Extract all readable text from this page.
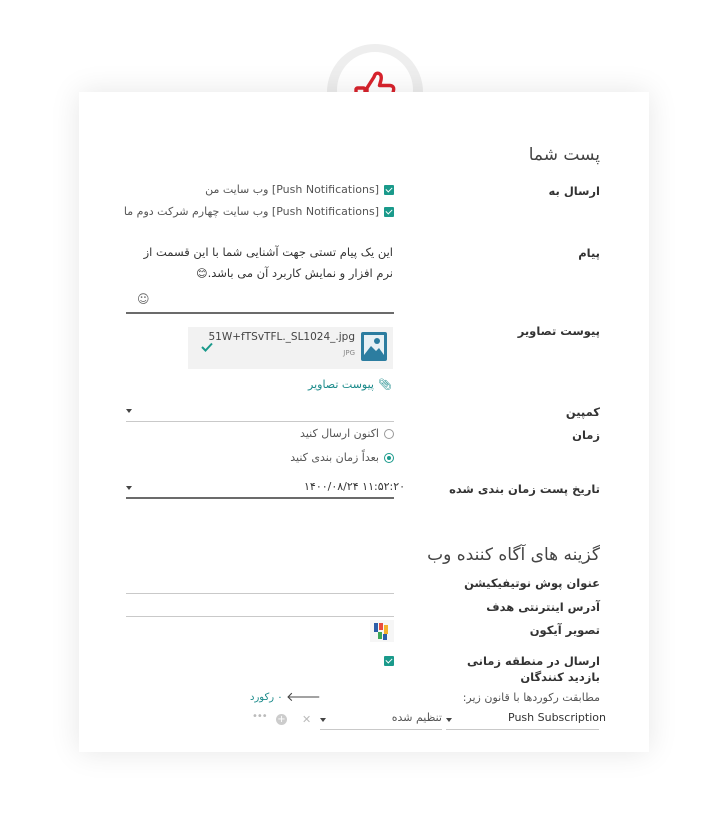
پست شما
ارسال به
[Push Notifications] وب سایت من
[Push Notifications] وب سایت چهارم شرکت دوم ما
پیام
این یک پیام تستی جهت آشنایی شما با این قسمت از
نرم افزار و نمایش کاربرد آن می باشد.😊
☺
پیوست تصاویر
51W+fTSvTFL._SL1024_.jpg
JPG
📎︎
پیوست تصاویر
کمپین
زمان
اکنون ارسال کنید
بعداً زمان بندی کنید
تاریخ پست زمان بندی شده
۱۴۰۰/۰۸/۲۴ ۱۱:۵۲:۲۰
گزینه های آگاه کننده وب
عنوان پوش نوتیفیکیشن
آدرس اینترنتی هدف
تصویر آیکون
ارسال در منطقه زمانی
بازدید کنندگان
مطابقت رکوردها با قانون زیر:
🡐︎
۰ رکورد
Push Subscription
تنظیم شده
✕
+
•••
